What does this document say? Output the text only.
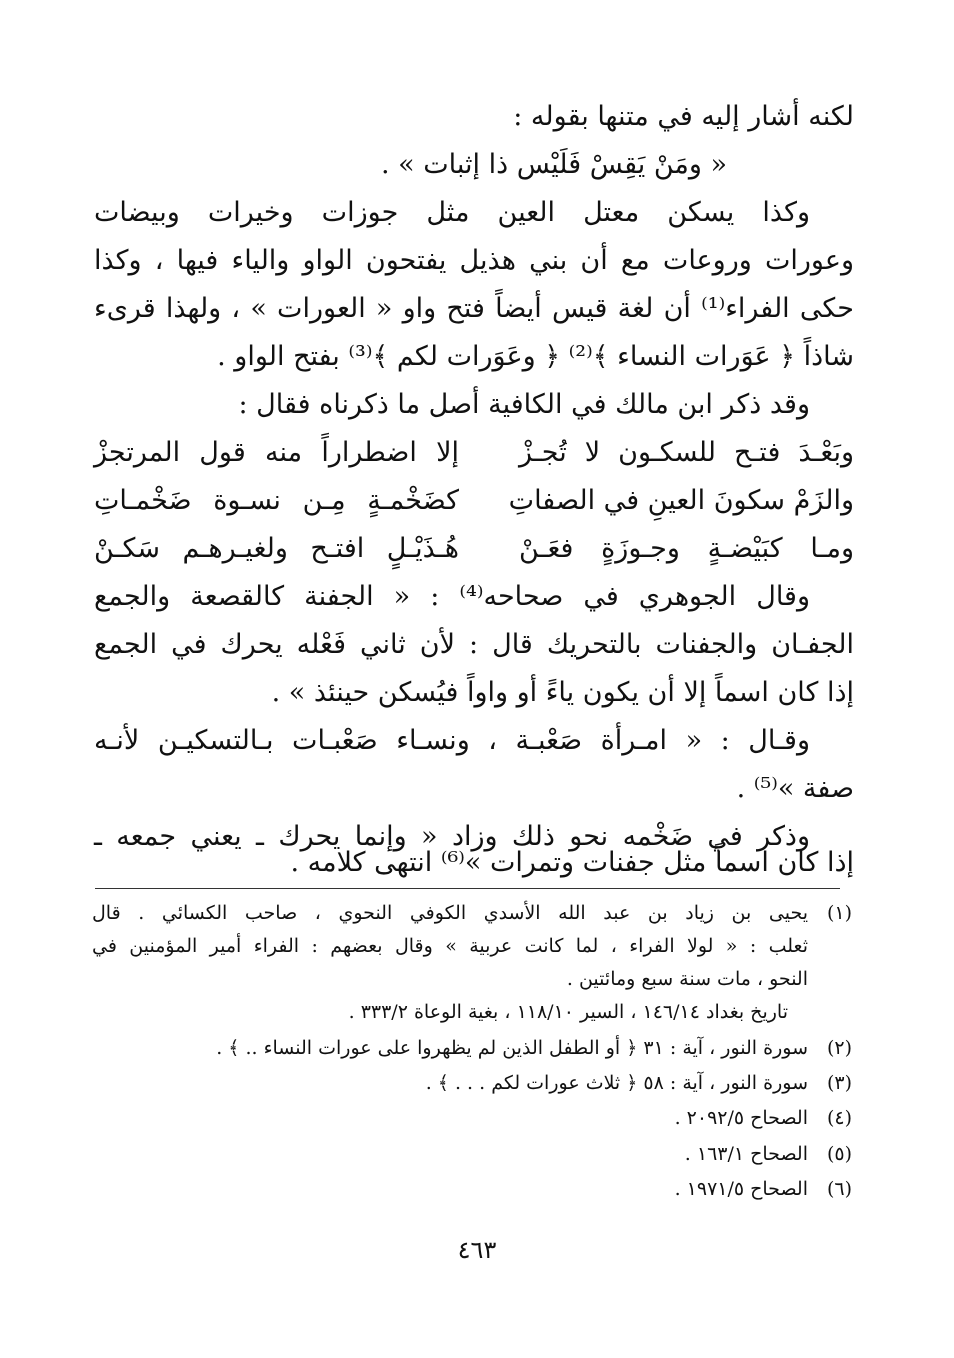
لكنه أشار إليه في متنها بقوله :
« ومَنْ يَقِسْ فَلَيْس ذا إثبات » .
وكذا يسكن معتل العين مثل جوزات وخيرات وبيضات
وعورات وروعات مع أن بني هذيل يفتحون الواو والياء فيها ، وكذا
حكى الفراء⁽¹⁾ أن لغة قيس أيضاً فتح واو « العورات » ، ولهذا قرىء
شاذاً ﴿ عَوَرات النساء ﴾⁽²⁾ ﴿ وعَوَرات لكم ﴾⁽³⁾ بفتح الواو .
وقد ذكر ابن مالك في الكافية أصل ما ذكرناه فقال :
وبَعْـدَ فتـح للسكـون لا تُجـزْ
إلا اضطراراً منه قول المرتجزْ
والزَمْ سكونَ العينِ في الصفاتِ
كضَخْمـةٍ مِـن نسـوة ضَخْمـاتِ
ومـا كبَيْضـةٍ وجـوزَةٍ فعَـنْ
هُـذَيْـلٍ افتـح ولغيـرهـم سَكـنْ
وقال الجوهري في صحاحه⁽⁴⁾ : « الجفنة كالقصعة والجمع
الجفـان والجفنات بالتحريك قال : لأن ثاني فَعْله يحرك في الجمع
إذا كان اسماً إلا أن يكون ياءً أو واواً فيُسكن حينئذ » .
وقـال : « امـرأة صَعْبـة ، ونسـاء صَعْبـات بـالتسكيـن لأنـه
صفة »⁽⁵⁾ .
وذكر في ضَخْمه نحو ذلك وزاد « وإنما يحرك ـ يعني جمعه ـ
إذا كان اسماً مثل جفنات وتمرات »⁽⁶⁾ انتهى كلامه .
(١)يحيى بن زياد بن عبد الله الأسدي الكوفي النحوي ، صاحب الكسائي . قال
ثعلب : « لولا الفراء ، لما كانت عربية » وقال بعضهم : الفراء أمير المؤمنين في
النحو ، مات سنة سبع ومائتين .
تاريخ بغداد ١٤٦/١٤ ، السير ١١٨/١٠ ، بغية الوعاة ٣٣٣/٢ .
(٢)سورة النور ، آية : ٣١ ﴿ أو الطفل الذين لم يظهروا على عورات النساء .. ﴾ .
(٣)سورة النور ، آية : ٥٨ ﴿ ثلاث عورات لكم . . . ﴾ .
(٤)الصحاح ٢٠٩٢/٥ .
(٥)الصحاح ١٦٣/١ .
(٦)الصحاح ١٩٧١/٥ .
٤٦٣
